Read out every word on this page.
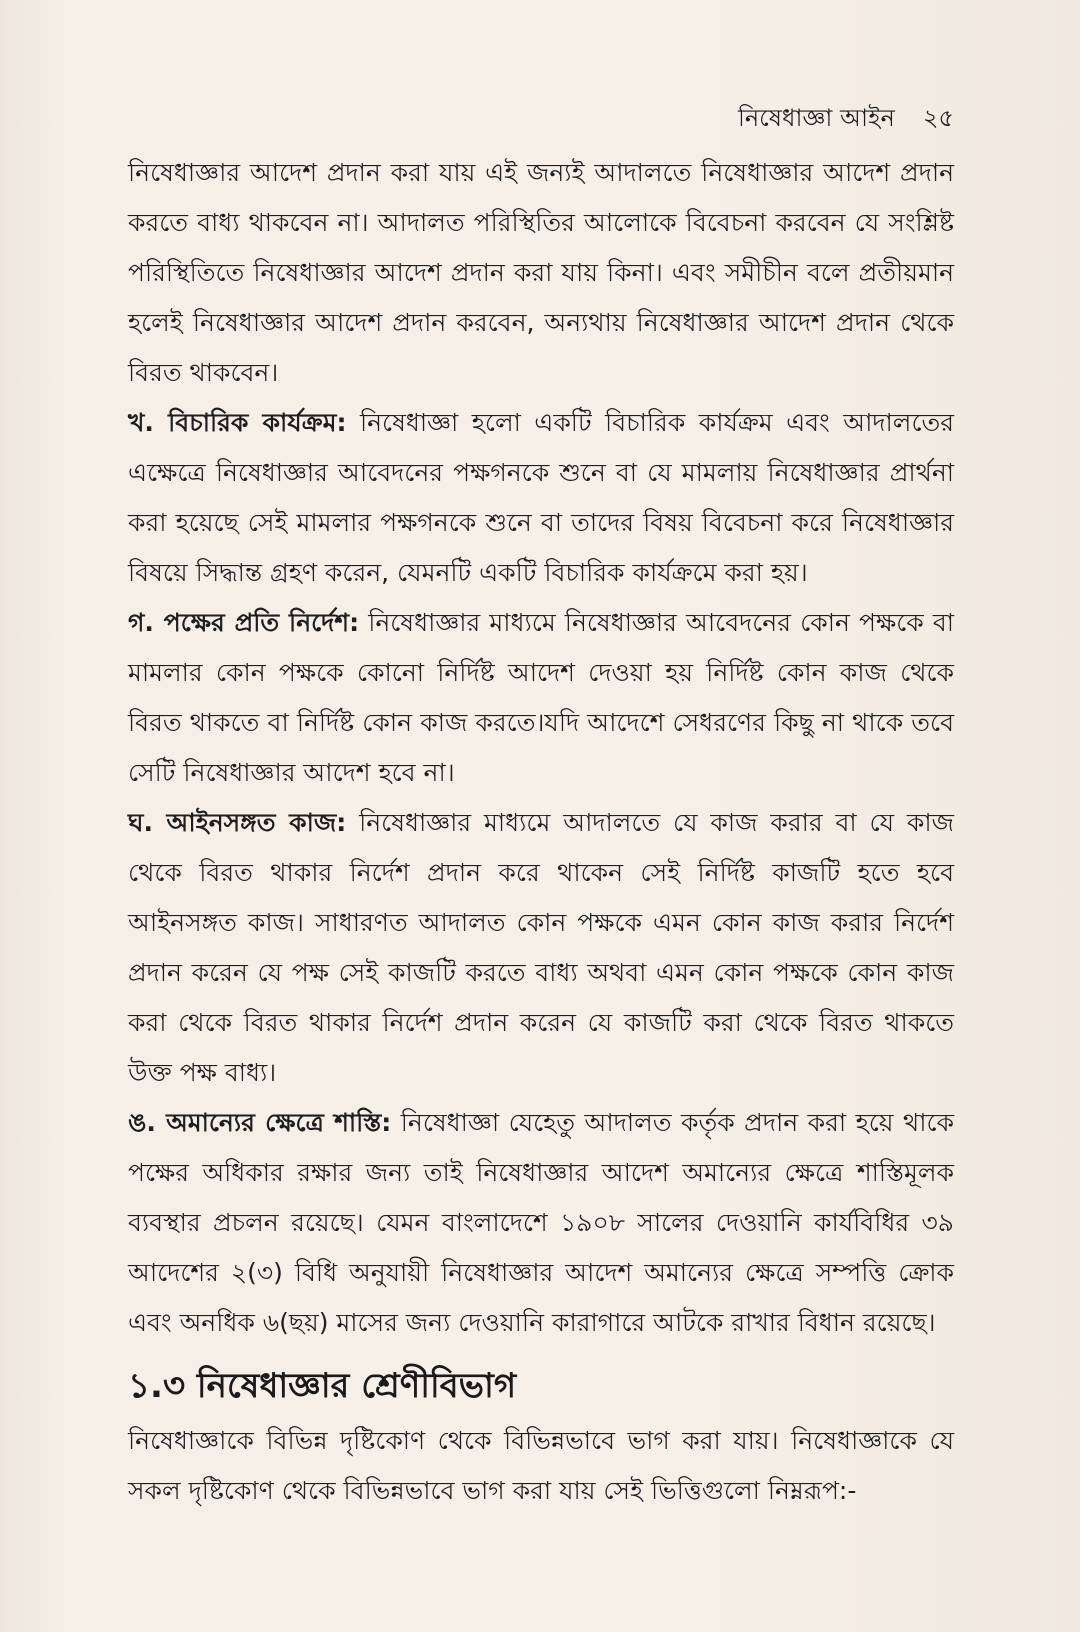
নিষেধাজ্ঞা আইন ২৫

নিষেধাজ্ঞার আদেশ প্রদান করা যায় এই জন্যই আদালতে নিষেধাজ্ঞার আদেশ প্রদান করতে বাধ্য থাকবেন না। আদালত পরিস্থিতির আলোকে বিবেচনা করবেন যে সংশ্লিষ্ট পরিস্থিতিতে নিষেধাজ্ঞার আদেশ প্রদান করা যায় কিনা। এবং সমীচীন বলে প্রতীয়মান হলেই নিষেধাজ্ঞার আদেশ প্রদান করবেন, অন্যথায় নিষেধাজ্ঞার আদেশ প্রদান থেকে বিরত থাকবেন।

খ. বিচারিক কার্যক্রম: নিষেধাজ্ঞা হলো একটি বিচারিক কার্যক্রম এবং আদালতের এক্ষেত্রে নিষেধাজ্ঞার আবেদনের পক্ষগনকে শুনে বা যে মামলায় নিষেধাজ্ঞার প্রার্থনা করা হয়েছে সেই মামলার পক্ষগনকে শুনে বা তাদের বিষয় বিবেচনা করে নিষেধাজ্ঞার বিষয়ে সিদ্ধান্ত গ্রহণ করেন, যেমনটি একটি বিচারিক কার্যক্রমে করা হয়।

গ. পক্ষের প্রতি নির্দেশ: নিষেধাজ্ঞার মাধ্যমে নিষেধাজ্ঞার আবেদনের কোন পক্ষকে বা মামলার কোন পক্ষকে কোনো নির্দিষ্ট আদেশ দেওয়া হয় নির্দিষ্ট কোন কাজ থেকে বিরত থাকতে বা নির্দিষ্ট কোন কাজ করতে।যদি আদেশে সেধরণের কিছু না থাকে তবে সেটি নিষেধাজ্ঞার আদেশ হবে না।

ঘ. আইনসঙ্গত কাজ: নিষেধাজ্ঞার মাধ্যমে আদালতে যে কাজ করার বা যে কাজ থেকে বিরত থাকার নির্দেশ প্রদান করে থাকেন সেই নির্দিষ্ট কাজটি হতে হবে আইনসঙ্গত কাজ। সাধারণত আদালত কোন পক্ষকে এমন কোন কাজ করার নির্দেশ প্রদান করেন যে পক্ষ সেই কাজটি করতে বাধ্য অথবা এমন কোন পক্ষকে কোন কাজ করা থেকে বিরত থাকার নির্দেশ প্রদান করেন যে কাজটি করা থেকে বিরত থাকতে উক্ত পক্ষ বাধ্য।

ঙ. অমান্যের ক্ষেত্রে শাস্তি: নিষেধাজ্ঞা যেহেতু আদালত কর্তৃক প্রদান করা হয়ে থাকে পক্ষের অধিকার রক্ষার জন্য তাই নিষেধাজ্ঞার আদেশ অমান্যের ক্ষেত্রে শাস্তিমূলক ব্যবস্থার প্রচলন রয়েছে। যেমন বাংলাদেশে ১৯০৮ সালের দেওয়ানি কার্যবিধির ৩৯ আদেশের ২(৩) বিধি অনুযায়ী নিষেধাজ্ঞার আদেশ অমান্যের ক্ষেত্রে সম্পত্তি ক্রোক এবং অনধিক ৬(ছয়) মাসের জন্য দেওয়ানি কারাগারে আটকে রাখার বিধান রয়েছে।

১.৩ নিষেধাজ্ঞার শ্রেণীবিভাগ

নিষেধাজ্ঞাকে বিভিন্ন দৃষ্টিকোণ থেকে বিভিন্নভাবে ভাগ করা যায়। নিষেধাজ্ঞাকে যে সকল দৃষ্টিকোণ থেকে বিভিন্নভাবে ভাগ করা যায় সেই ভিত্তিগুলো নিম্নরূপ:-
